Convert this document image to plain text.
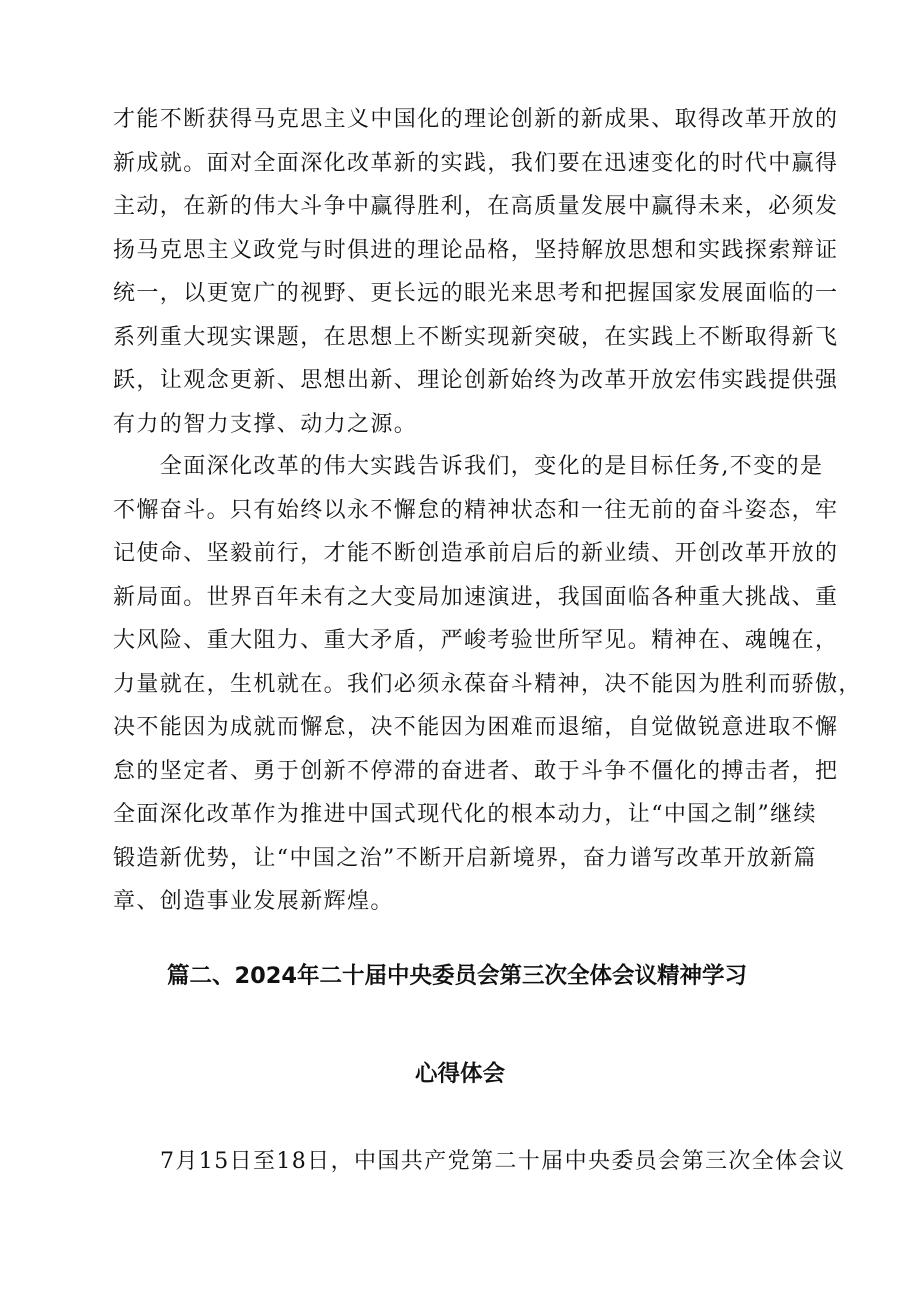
才能不断获得马克思主义中国化的理论创新的新成果、取得改革开放的
新成就。面对全面深化改革新的实践，我们要在迅速变化的时代中赢得
主动，在新的伟大斗争中赢得胜利，在高质量发展中赢得未来，必须发
扬马克思主义政党与时俱进的理论品格，坚持解放思想和实践探索辩证
统一，以更宽广的视野、更长远的眼光来思考和把握国家发展面临的一
系列重大现实课题，在思想上不断实现新突破，在实践上不断取得新飞
跃，让观念更新、思想出新、理论创新始终为改革开放宏伟实践提供强
有力的智力支撑、动力之源。
　　全面深化改革的伟大实践告诉我们，变化的是目标任务,不变的是
不懈奋斗。只有始终以永不懈怠的精神状态和一往无前的奋斗姿态，牢
记使命、坚毅前行，才能不断创造承前启后的新业绩、开创改革开放的
新局面。世界百年未有之大变局加速演进，我国面临各种重大挑战、重
大风险、重大阻力、重大矛盾，严峻考验世所罕见。精神在、魂魄在，
力量就在，生机就在。我们必须永葆奋斗精神，决不能因为胜利而骄傲，
决不能因为成就而懈怠，决不能因为困难而退缩，自觉做锐意进取不懈
怠的坚定者、勇于创新不停滞的奋进者、敢于斗争不僵化的搏击者，把
全面深化改革作为推进中国式现代化的根本动力，让“中国之制”继续
锻造新优势，让“中国之治”不断开启新境界，奋力谱写改革开放新篇
章、创造事业发展新辉煌。
篇二、2024年二十届中央委员会第三次全体会议精神学习
心得体会

7月15日至18日，中国共产党第二十届中央委员会第三次全体会议
